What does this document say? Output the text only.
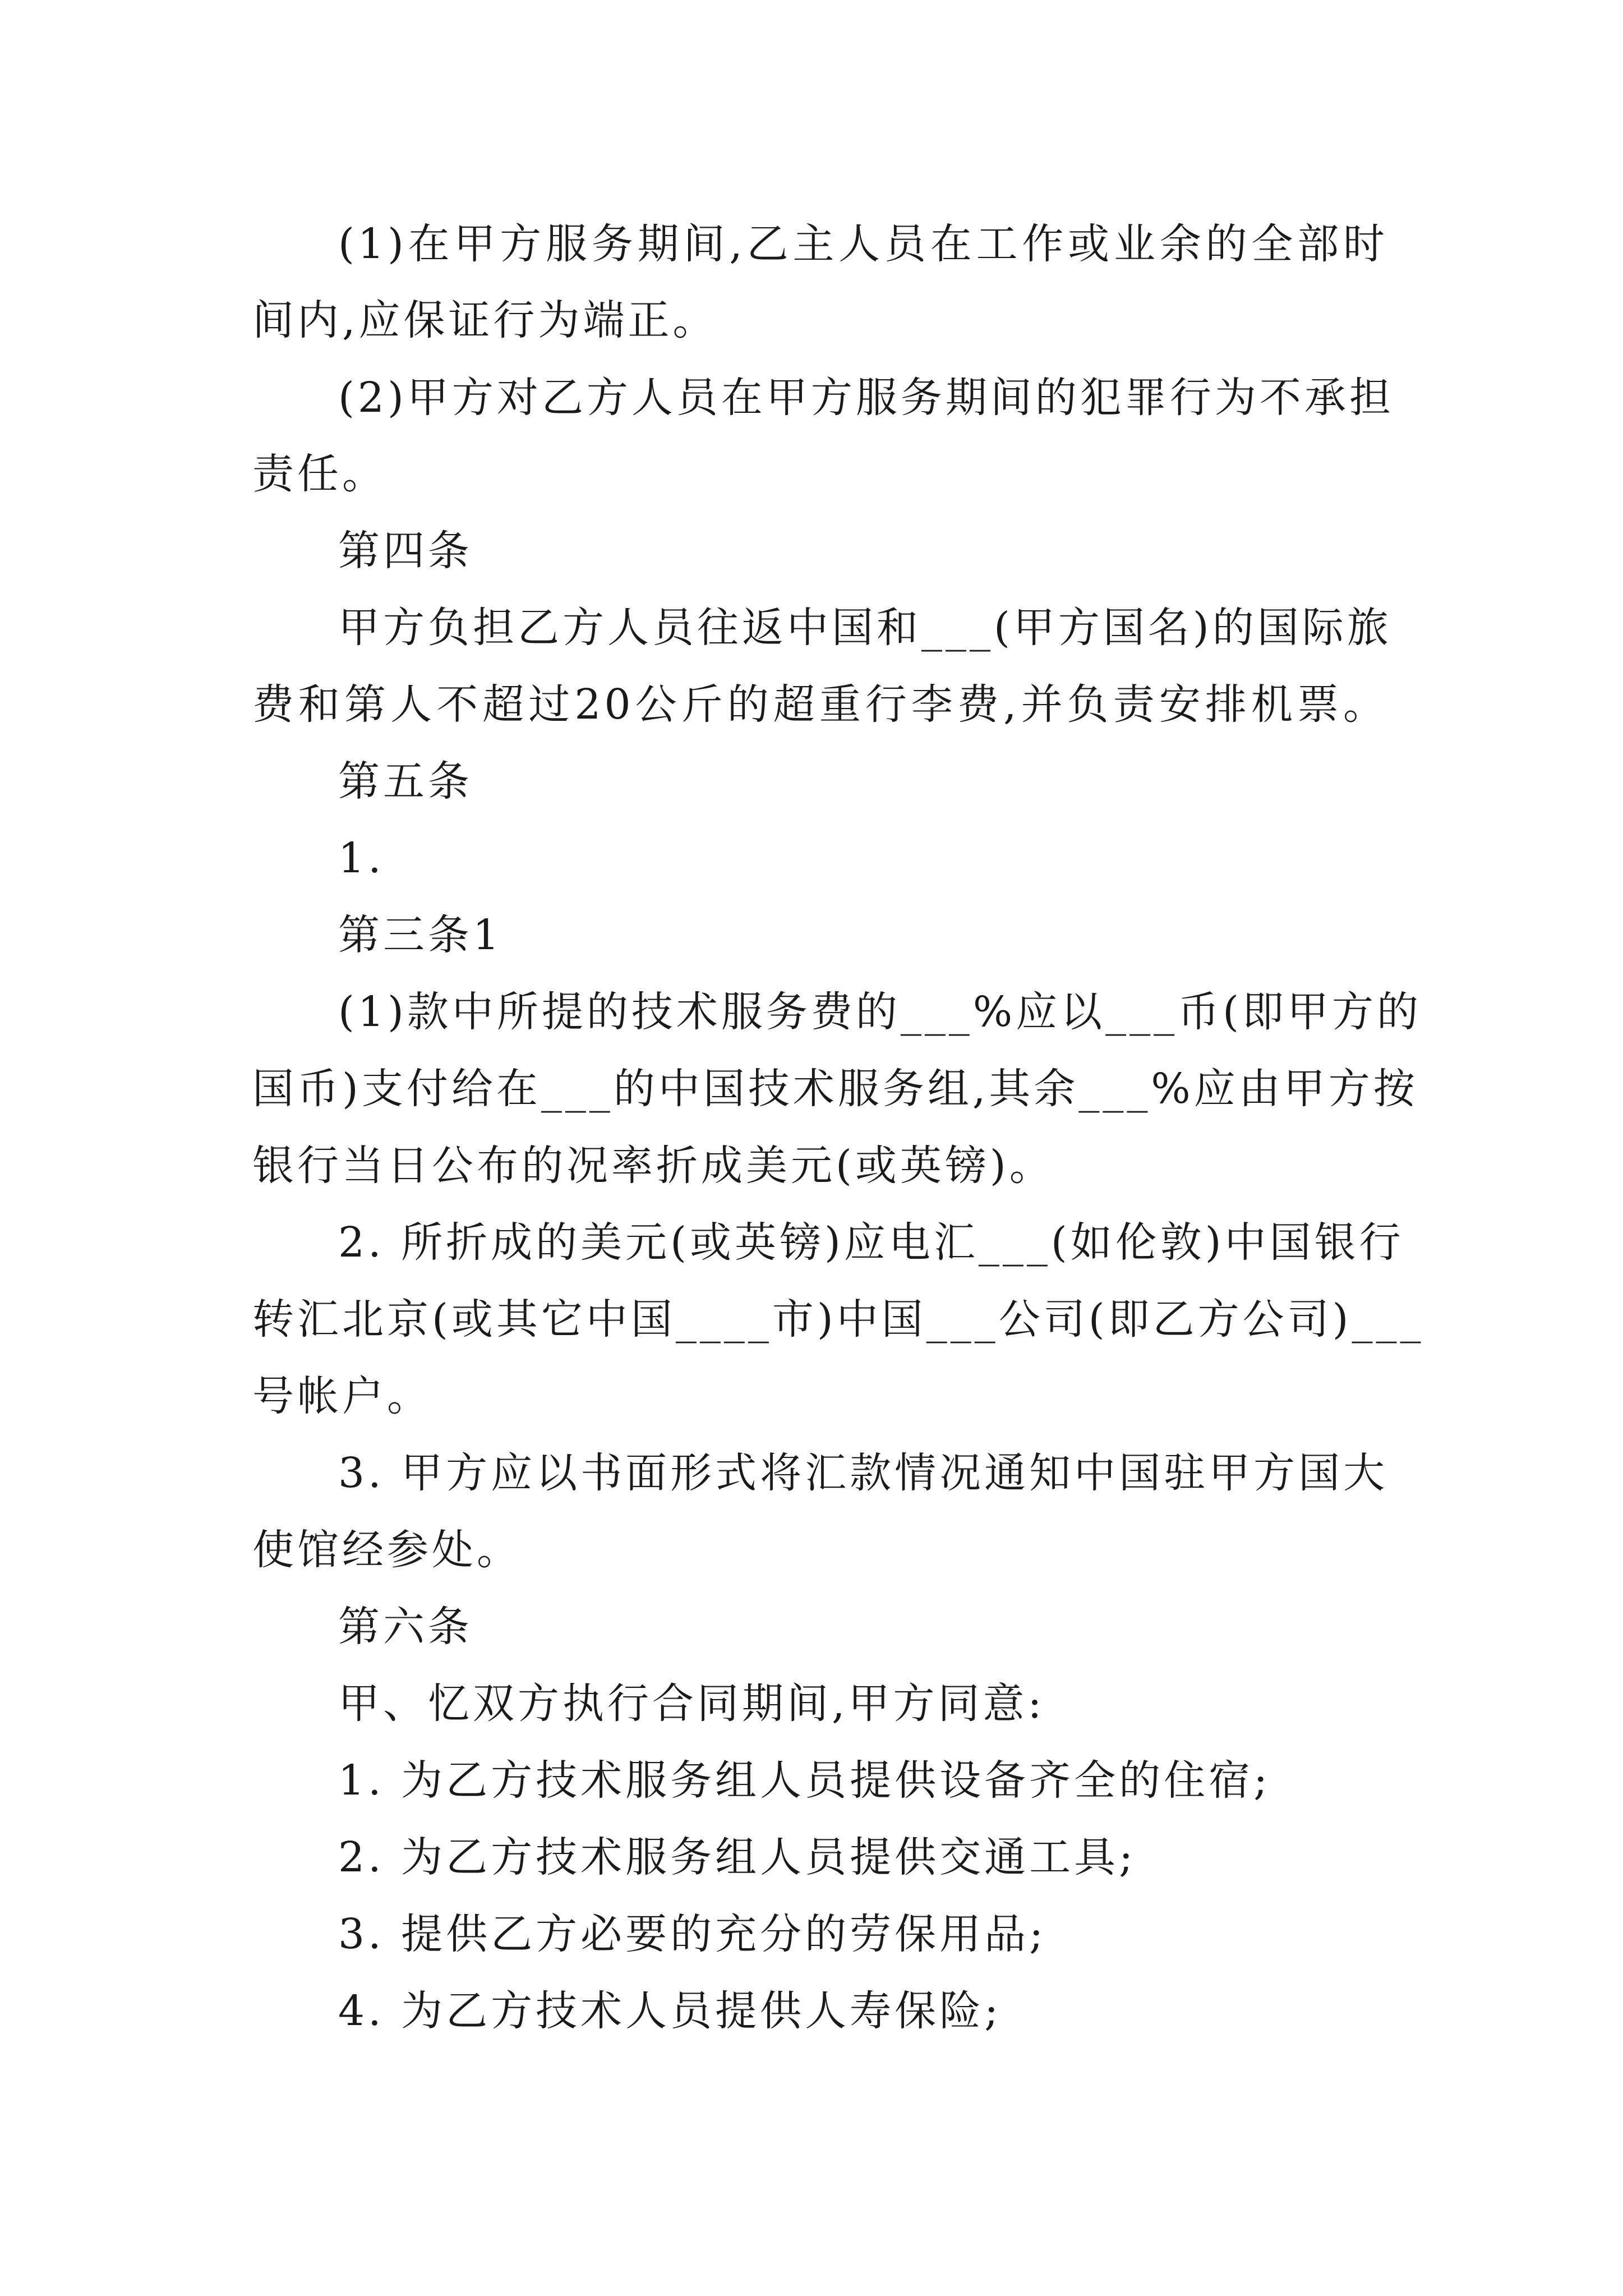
(1)在甲方服务期间,乙主人员在工作或业余的全部时
间内,应保证行为端正。
(2)甲方对乙方人员在甲方服务期间的犯罪行为不承担
责任。
第四条
甲方负担乙方人员往返中国和___(甲方国名)的国际旅
费和第人不超过20公斤的超重行李费,并负责安排机票。
第五条
1.
第三条1
(1)款中所提的技术服务费的___%应以___币(即甲方的
国币)支付给在___的中国技术服务组,其余___%应由甲方按
银行当日公布的况率折成美元(或英镑)。
2. 所折成的美元(或英镑)应电汇___(如伦敦)中国银行
转汇北京(或其它中国____市)中国___公司(即乙方公司)___
号帐户。
3. 甲方应以书面形式将汇款情况通知中国驻甲方国大
使馆经参处。
第六条
甲、忆双方执行合同期间,甲方同意:
1. 为乙方技术服务组人员提供设备齐全的住宿;
2. 为乙方技术服务组人员提供交通工具;
3. 提供乙方必要的充分的劳保用品;
4. 为乙方技术人员提供人寿保险;
